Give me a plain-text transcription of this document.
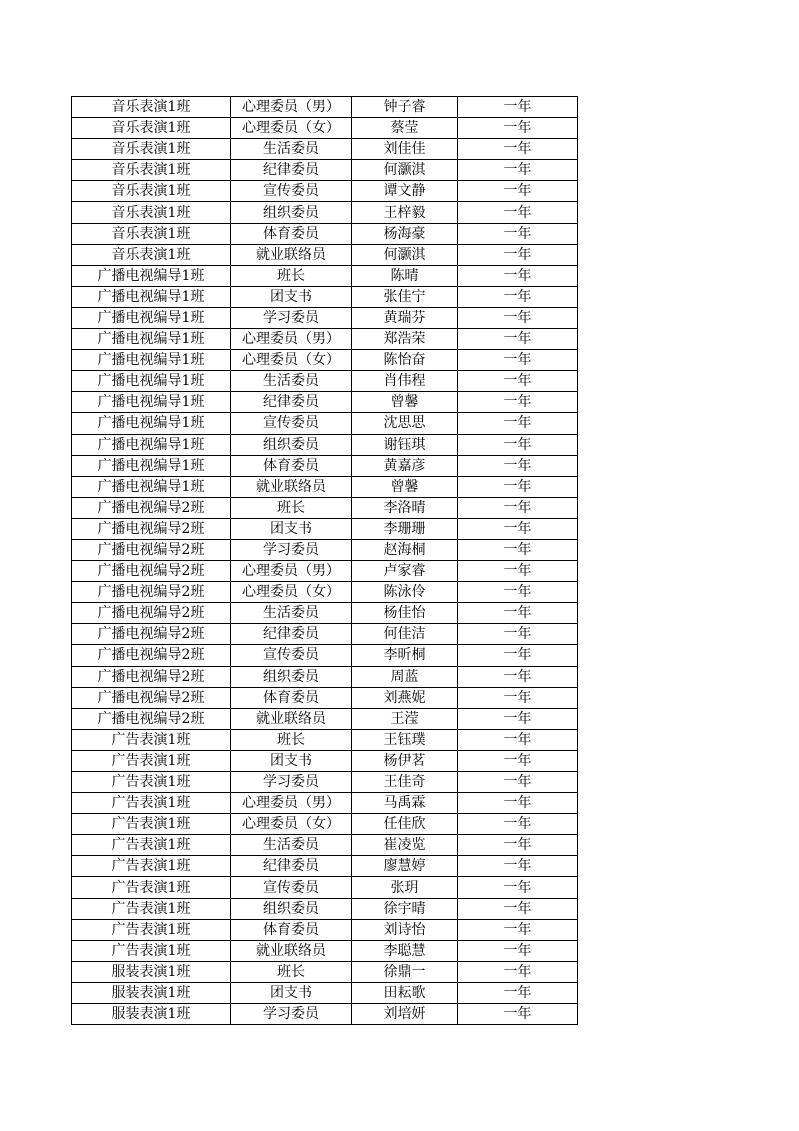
音乐表演1班	心理委员（男）	钟子睿	一年
音乐表演1班	心理委员（女）	蔡莹	一年
音乐表演1班	生活委员	刘佳佳	一年
音乐表演1班	纪律委员	何灏淇	一年
音乐表演1班	宣传委员	谭文静	一年
音乐表演1班	组织委员	王梓毅	一年
音乐表演1班	体育委员	杨海豪	一年
音乐表演1班	就业联络员	何灏淇	一年
广播电视编导1班	班长	陈晴	一年
广播电视编导1班	团支书	张佳宁	一年
广播电视编导1班	学习委员	黄瑞芬	一年
广播电视编导1班	心理委员（男）	郑浩荣	一年
广播电视编导1班	心理委员（女）	陈怡奋	一年
广播电视编导1班	生活委员	肖伟程	一年
广播电视编导1班	纪律委员	曾馨	一年
广播电视编导1班	宣传委员	沈思思	一年
广播电视编导1班	组织委员	谢钰琪	一年
广播电视编导1班	体育委员	黄嘉彦	一年
广播电视编导1班	就业联络员	曾馨	一年
广播电视编导2班	班长	李洛晴	一年
广播电视编导2班	团支书	李珊珊	一年
广播电视编导2班	学习委员	赵海桐	一年
广播电视编导2班	心理委员（男）	卢家睿	一年
广播电视编导2班	心理委员（女）	陈泳伶	一年
广播电视编导2班	生活委员	杨佳怡	一年
广播电视编导2班	纪律委员	何佳洁	一年
广播电视编导2班	宣传委员	李昕桐	一年
广播电视编导2班	组织委员	周蓝	一年
广播电视编导2班	体育委员	刘燕妮	一年
广播电视编导2班	就业联络员	王滢	一年
广告表演1班	班长	王钰璞	一年
广告表演1班	团支书	杨伊茗	一年
广告表演1班	学习委员	王佳奇	一年
广告表演1班	心理委员（男）	马禹霖	一年
广告表演1班	心理委员（女）	任佳欣	一年
广告表演1班	生活委员	崔凌览	一年
广告表演1班	纪律委员	廖慧婷	一年
广告表演1班	宣传委员	张玥	一年
广告表演1班	组织委员	徐宇晴	一年
广告表演1班	体育委员	刘诗怡	一年
广告表演1班	就业联络员	李聪慧	一年
服装表演1班	班长	徐鼎一	一年
服装表演1班	团支书	田耘歌	一年
服装表演1班	学习委员	刘培妍	一年
